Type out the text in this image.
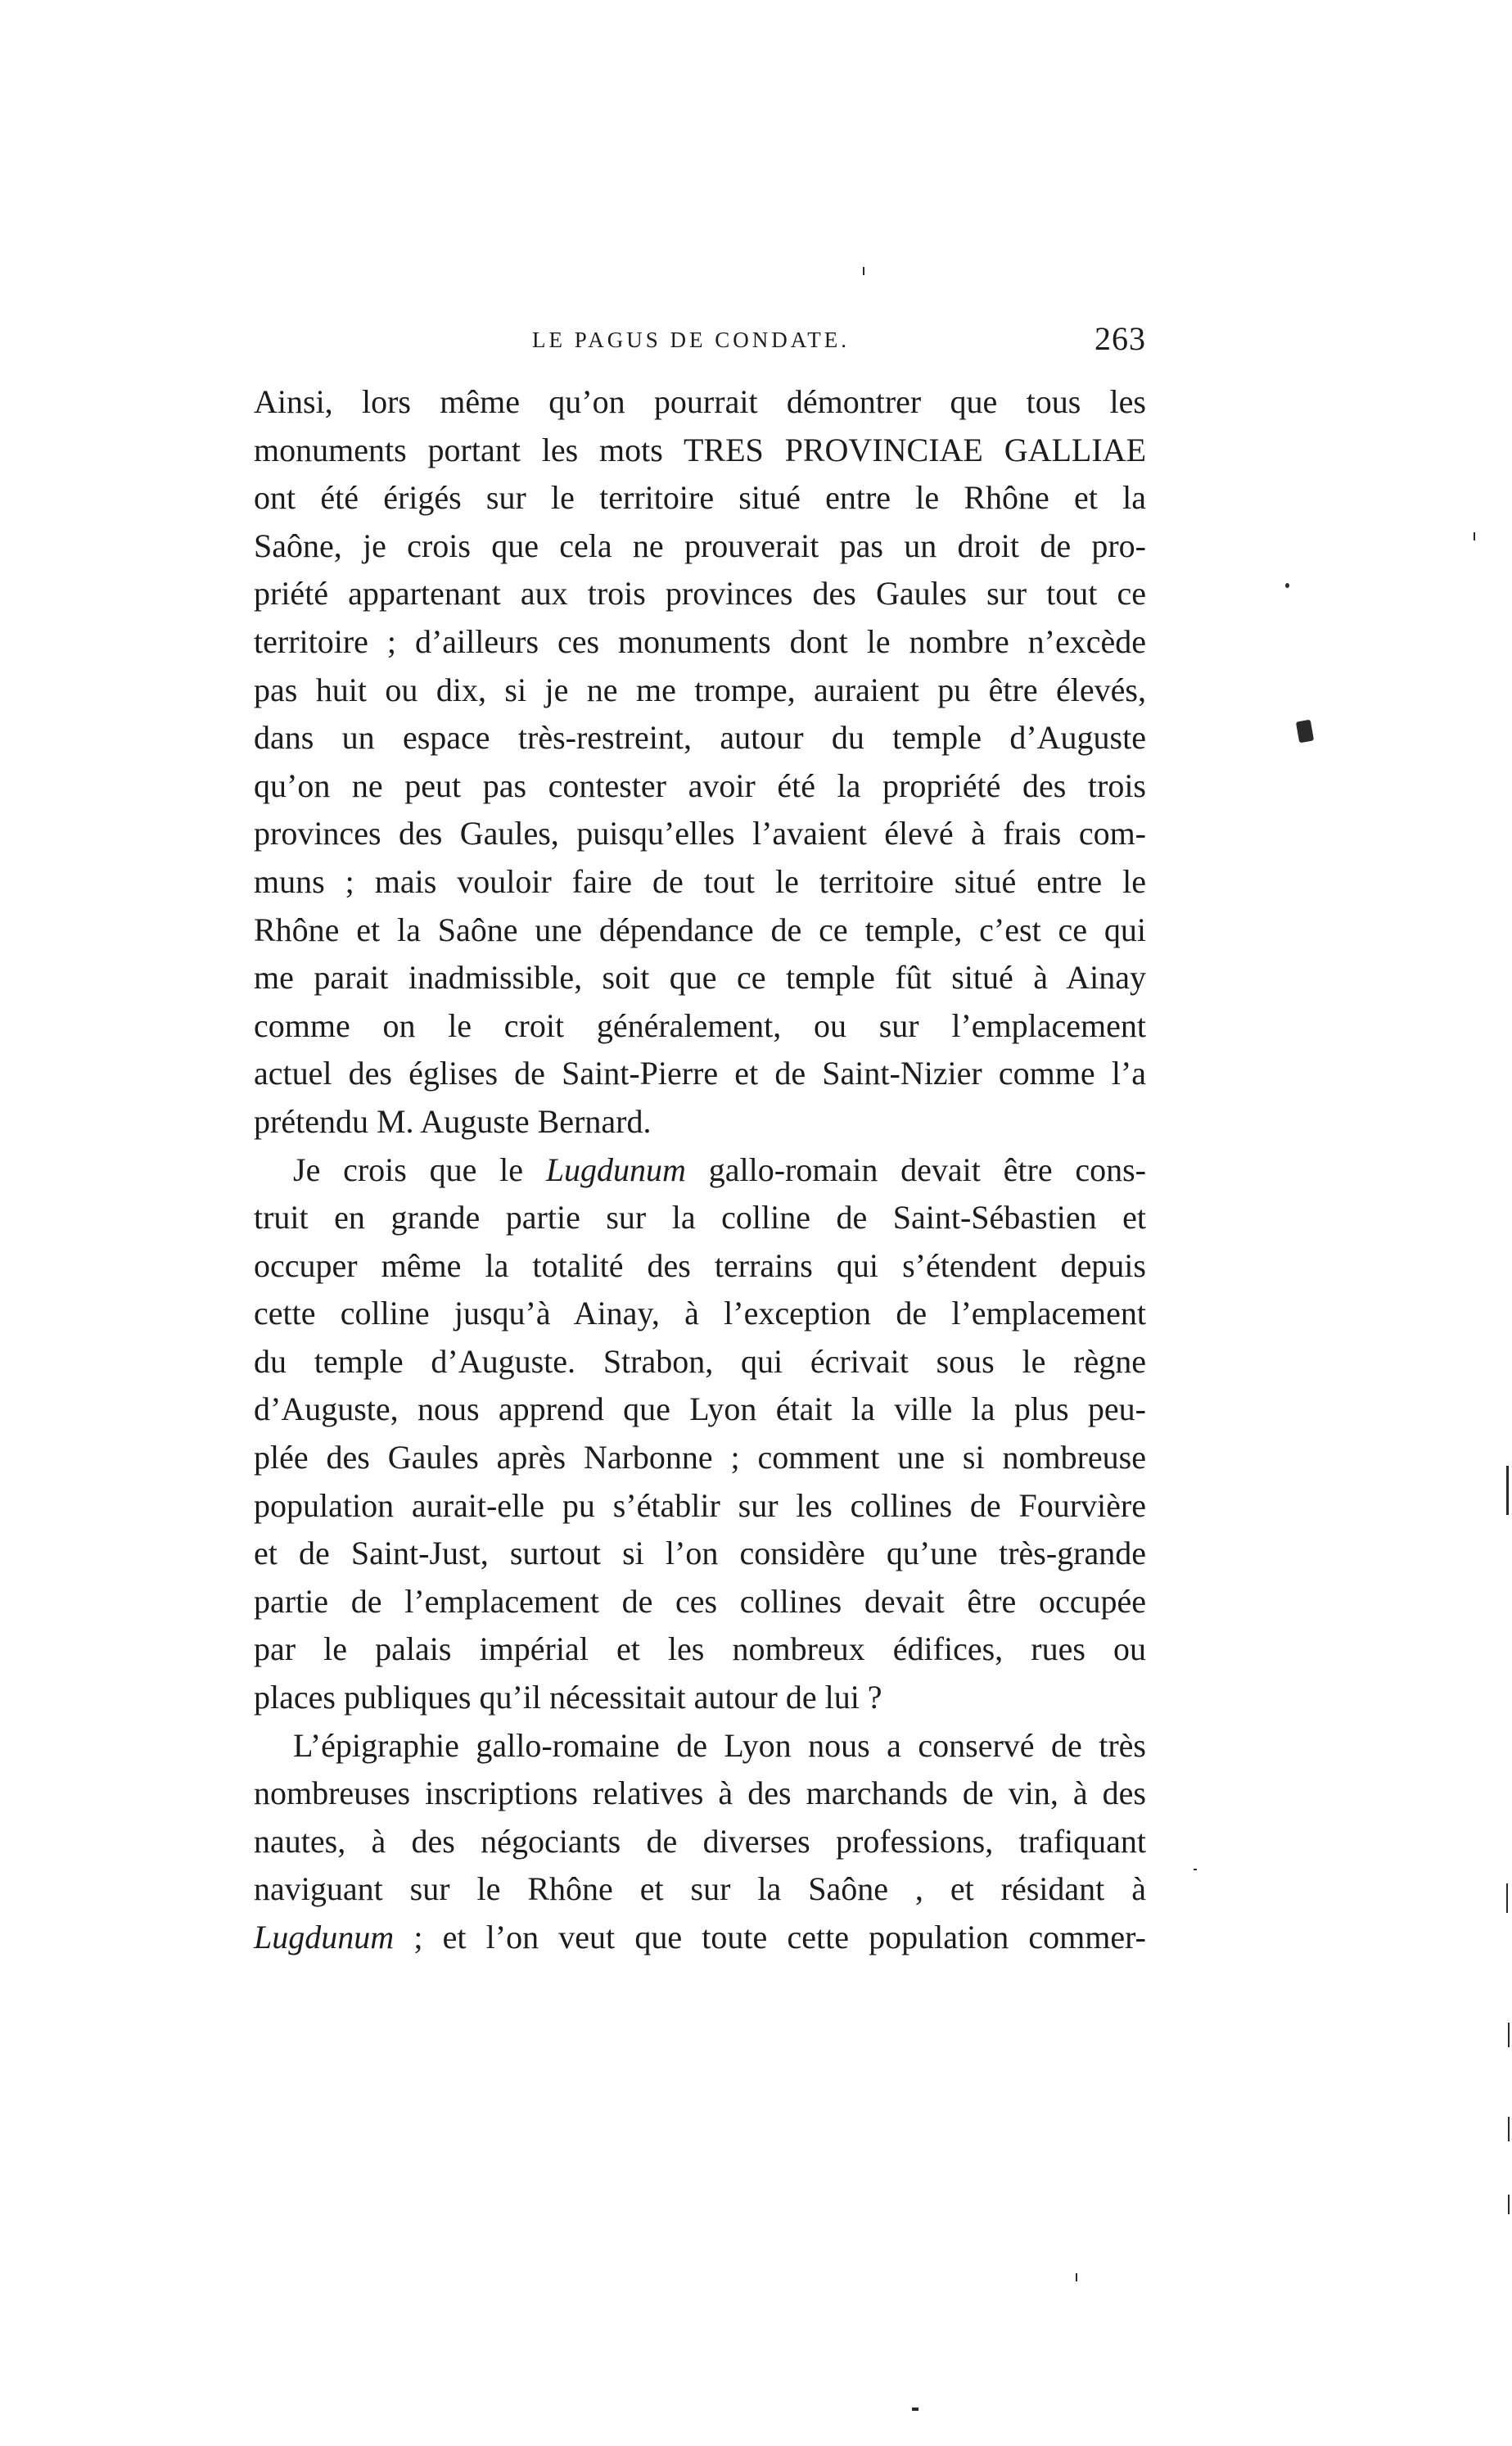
LE PAGUS DE CONDATE.	263

Ainsi, lors même qu’on pourrait démontrer que tous les
monuments portant les mots TRES PROVINCIAE GALLIAE
ont été érigés sur le territoire situé entre le Rhône et la
Saône, je crois que cela ne prouverait pas un droit de pro-
priété appartenant aux trois provinces des Gaules sur tout ce
territoire ; d’ailleurs ces monuments dont le nombre n’excède
pas huit ou dix, si je ne me trompe, auraient pu être élevés,
dans un espace très-restreint, autour du temple d’Auguste
qu’on ne peut pas contester avoir été la propriété des trois
provinces des Gaules, puisqu’elles l’avaient élevé à frais com-
muns ; mais vouloir faire de tout le territoire situé entre le
Rhône et la Saône une dépendance de ce temple, c’est ce qui
me parait inadmissible, soit que ce temple fût situé à Ainay
comme on le croit généralement, ou sur l’emplacement
actuel des églises de Saint-Pierre et de Saint-Nizier comme l’a
prétendu M. Auguste Bernard.

Je crois que le Lugdunum gallo-romain devait être cons-
truit en grande partie sur la colline de Saint-Sébastien et
occuper même la totalité des terrains qui s’étendent depuis
cette colline jusqu’à Ainay, à l’exception de l’emplacement
du temple d’Auguste. Strabon, qui écrivait sous le règne
d’Auguste, nous apprend que Lyon était la ville la plus peu-
plée des Gaules après Narbonne ; comment une si nombreuse
population aurait-elle pu s’établir sur les collines de Fourvière
et de Saint-Just, surtout si l’on considère qu’une très-grande
partie de l’emplacement de ces collines devait être occupée
par le palais impérial et les nombreux édifices, rues ou
places publiques qu’il nécessitait autour de lui ?

L’épigraphie gallo-romaine de Lyon nous a conservé de très
nombreuses inscriptions relatives à des marchands de vin, à des
nautes, à des négociants de diverses professions, trafiquant
naviguant sur le Rhône et sur la Saône , et résidant à
Lugdunum ; et l’on veut que toute cette population commer-
